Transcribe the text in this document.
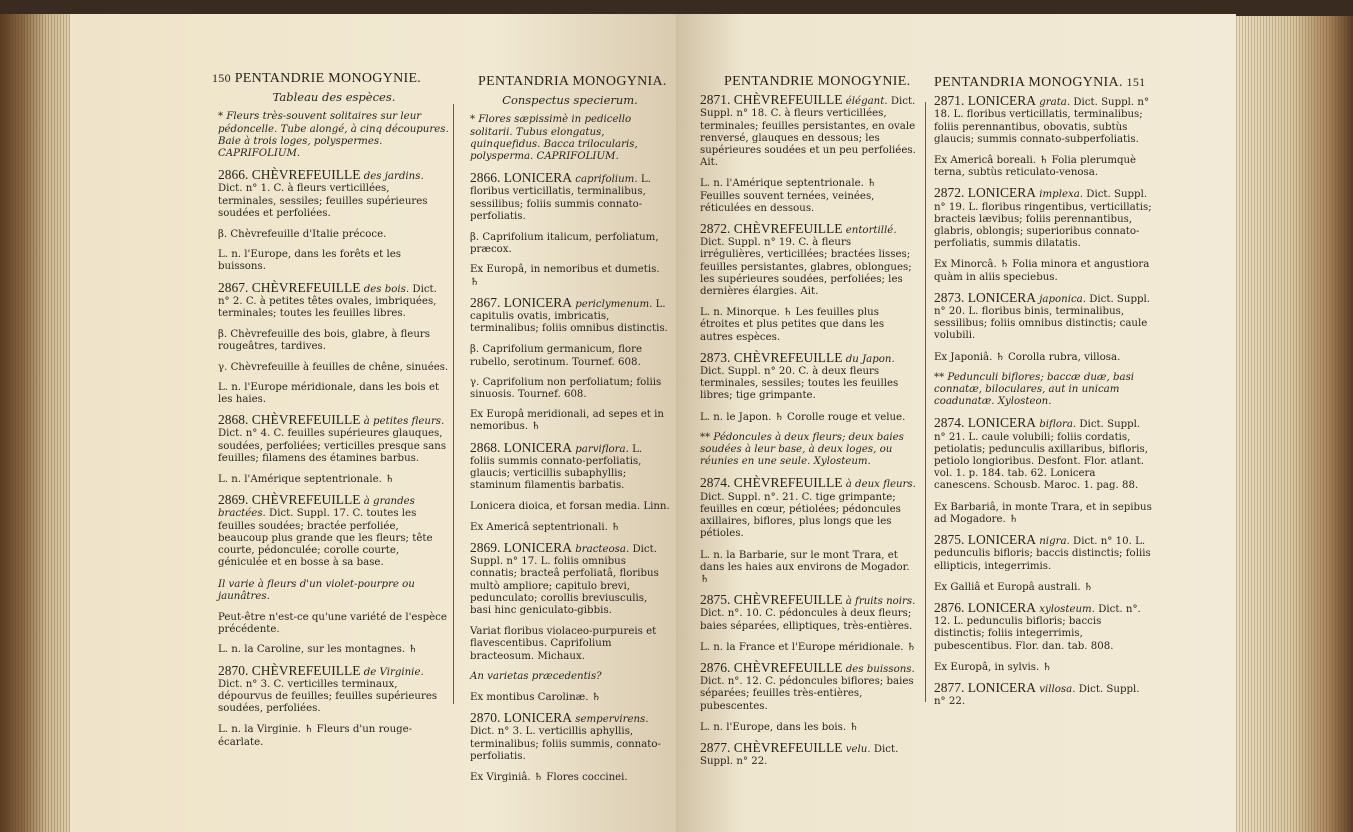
150 PENTANDRIE MONOGYNIE.
Tableau des espèces.
* Fleurs très-souvent solitaires sur leur pédoncelle. Tube alongé, à cinq découpures. Baie à trois loges, polyspermes. CAPRIFOLIUM.
2866. CHÈVREFEUILLE des jardins. Dict. n° 1. C. à fleurs verticillées, terminales, sessiles; feuilles supérieures soudées et perfoliées.
β. Chèvrefeuille d'Italie précoce.
L. n. l'Europe, dans les forêts et les buissons.
2867. CHÈVREFEUILLE des bois. Dict. n° 2. C. à petites têtes ovales, imbriquées, terminales; toutes les feuilles libres.
β. Chèvrefeuille des bois, glabre, à fleurs rougeâtres, tardives.
γ. Chèvrefeuille à feuilles de chêne, sinuées.
L. n. l'Europe méridionale, dans les bois et les haies.
2868. CHÈVREFEUILLE à petites fleurs. Dict. n° 4. C. feuilles supérieures glauques, soudées, perfoliées; verticilles presque sans feuilles; filamens des étamines barbus.
L. n. l'Amérique septentrionale. ♄
2869. CHÈVREFEUILLE à grandes bractées. Dict. Suppl. 17. C. toutes les feuilles soudées; bractée perfoliée, beaucoup plus grande que les fleurs; tête courte, pédonculée; corolle courte, géniculée et en bosse à sa base.
Il varie à fleurs d'un violet-pourpre ou jaunâtres.
Peut-être n'est-ce qu'une variété de l'espèce précédente.
L. n. la Caroline, sur les montagnes. ♄
2870. CHÈVREFEUILLE de Virginie. Dict. n° 3. C. verticilles terminaux, dépourvus de feuilles; feuilles supérieures soudées, perfoliées.
L. n. la Virginie. ♄ Fleurs d'un rouge-écarlate.
PENTANDRIA MONOGYNIA.
Conspectus specierum.
* Flores sæpissimè in pedicello solitarii. Tubus elongatus, quinquefidus. Bacca trilocularis, polysperma. CAPRIFOLIUM.
2866. LONICERA caprifolium. L. floribus verticillatis, terminalibus, sessilibus; foliis summis connato-perfoliatis.
β. Caprifolium italicum, perfoliatum, præcox.
Ex Europâ, in nemoribus et dumetis. ♄
2867. LONICERA periclymenum. L. capitulis ovatis, imbricatis, terminalibus; foliis omnibus distinctis.
β. Caprifolium germanicum, flore rubello, serotinum. Tournef. 608.
γ. Caprifolium non perfoliatum; foliis sinuosis. Tournef. 608.
Ex Europâ meridionali, ad sepes et in nemoribus. ♄
2868. LONICERA parviflora. L. foliis summis connato-perfoliatis, glaucis; verticillis subaphyllis; staminum filamentis barbatis.
Lonicera dioica, et forsan media. Linn.
Ex Americâ septentrionali. ♄
2869. LONICERA bracteosa. Dict. Suppl. n° 17. L. foliis omnibus connatis; bracteâ perfoliatâ, floribus multò ampliore; capitulo brevi, pedunculato; corollis breviusculis, basi hinc geniculato-gibbis.
Variat floribus violaceo-purpureis et flavescentibus. Caprifolium bracteosum. Michaux.
An varietas præcedentis?
Ex montibus Carolinæ. ♄
2870. LONICERA sempervirens. Dict. n° 3. L. verticillis aphyllis, terminalibus; foliis summis, connato-perfoliatis.
Ex Virginiâ. ♄ Flores coccinei.
PENTANDRIE MONOGYNIE.
2871. CHÈVREFEUILLE élégant. Dict. Suppl. n° 18. C. à fleurs verticillées, terminales; feuilles persistantes, en ovale renversé, glauques en dessous; les supérieures soudées et un peu perfoliées. Ait.
L. n. l'Amérique septentrionale. ♄ Feuilles souvent ternées, veinées, réticulées en dessous.
2872. CHÈVREFEUILLE entortillé. Dict. Suppl. n° 19. C. à fleurs irrégulières, verticillées; bractées lisses; feuilles persistantes, glabres, oblongues; les supérieures soudées, perfoliées; les dernières élargies. Ait.
L. n. Minorque. ♄ Les feuilles plus étroites et plus petites que dans les autres espèces.
2873. CHÈVREFEUILLE du Japon. Dict. Suppl. n° 20. C. à deux fleurs terminales, sessiles; toutes les feuilles libres; tige grimpante.
L. n. le Japon. ♄ Corolle rouge et velue.
** Pédoncules à deux fleurs; deux baies soudées à leur base, à deux loges, ou réunies en une seule. Xylosteum.
2874. CHÈVREFEUILLE à deux fleurs. Dict. Suppl. n°. 21. C. tige grimpante; feuilles en cœur, pétiolées; pédoncules axillaires, biflores, plus longs que les pétioles.
L. n. la Barbarie, sur le mont Trara, et dans les haies aux environs de Mogador. ♄
2875. CHÈVREFEUILLE à fruits noirs. Dict. n°. 10. C. pédoncules à deux fleurs; baies séparées, elliptiques, très-entières.
L. n. la France et l'Europe méridionale. ♄
2876. CHÈVREFEUILLE des buissons. Dict. n°. 12. C. pédoncules biflores; baies séparées; feuilles très-entières, pubescentes.
L. n. l'Europe, dans les bois. ♄
2877. CHÈVREFEUILLE velu. Dict. Suppl. n° 22.
PENTANDRIA MONOGYNIA. 151
2871. LONICERA grata. Dict. Suppl. n° 18. L. floribus verticillatis, terminalibus; foliis perennantibus, obovatis, subtùs glaucis; summis connato-subperfoliatis.
Ex Americâ boreali. ♄ Folia plerumquè terna, subtùs reticulato-venosa.
2872. LONICERA implexa. Dict. Suppl. n° 19. L. floribus ringentibus, verticillatis; bracteis lævibus; foliis perennantibus, glabris, oblongis; superioribus connato-perfoliatis, summis dilatatis.
Ex Minorcâ. ♄ Folia minora et angustiora quàm in aliis speciebus.
2873. LONICERA japonica. Dict. Suppl. n° 20. L. floribus binis, terminalibus, sessilibus; foliis omnibus distinctis; caule volubili.
Ex Japoniâ. ♄ Corolla rubra, villosa.
** Pedunculi biflores; baccæ duæ, basi connatæ, biloculares, aut in unicam coadunatæ. Xylosteon.
2874. LONICERA biflora. Dict. Suppl. n° 21. L. caule volubili; foliis cordatis, petiolatis; pedunculis axillaribus, bifloris, petiolo longioribus. Desfont. Flor. atlant. vol. 1. p. 184. tab. 62. Lonicera canescens. Schousb. Maroc. 1. pag. 88.
Ex Barbariâ, in monte Trara, et in sepibus ad Mogadore. ♄
2875. LONICERA nigra. Dict. n° 10. L. pedunculis bifloris; baccis distinctis; foliis ellipticis, integerrimis.
Ex Galliâ et Europâ australi. ♄
2876. LONICERA xylosteum. Dict. n°. 12. L. pedunculis bifloris; baccis distinctis; foliis integerrimis, pubescentibus. Flor. dan. tab. 808.
Ex Europâ, in sylvis. ♄
2877. LONICERA villosa. Dict. Suppl. n° 22.
